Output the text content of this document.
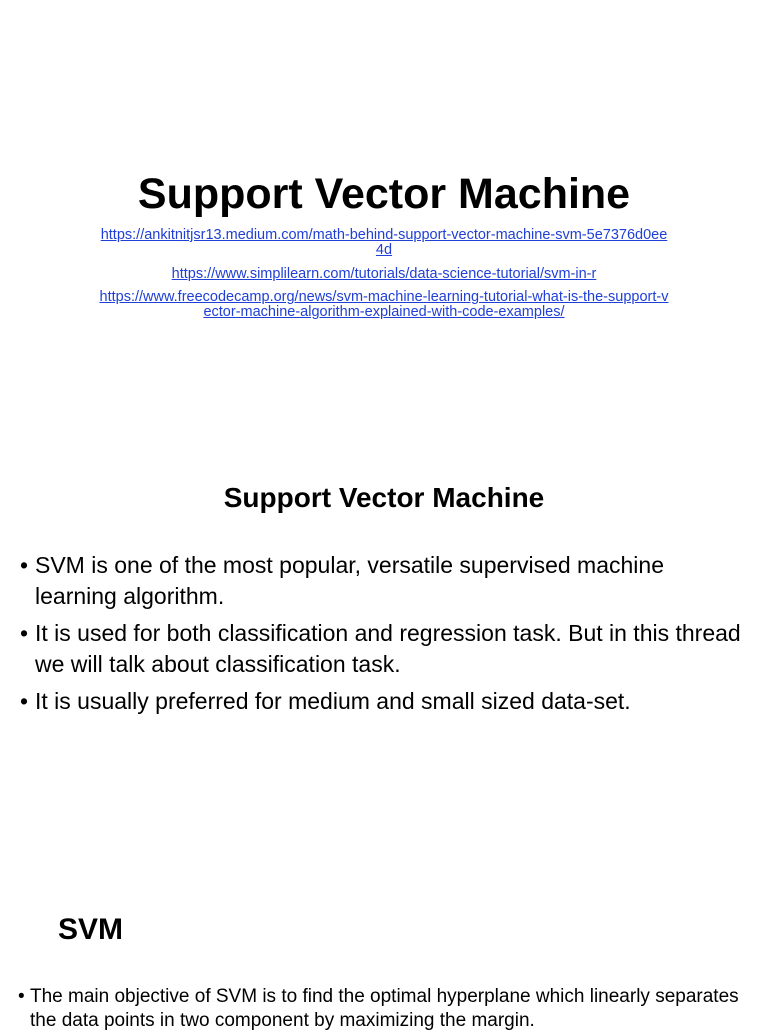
Support Vector Machine
https://ankitnitjsr13.medium.com/math-behind-support-vector-machine-svm-5e7376d0ee4d
https://www.simplilearn.com/tutorials/data-science-tutorial/svm-in-r
https://www.freecodecamp.org/news/svm-machine-learning-tutorial-what-is-the-support-vector-machine-algorithm-explained-with-code-examples/
Support Vector Machine
• SVM is one of the most popular, versatile supervised machine learning algorithm.
• It is used for both classification and regression task. But in this thread we will talk about classification task.
• It is usually preferred for medium and small sized data-set.
SVM
• The main objective of SVM is to find the optimal hyperplane which linearly separates the data points in two component by maximizing the margin.
